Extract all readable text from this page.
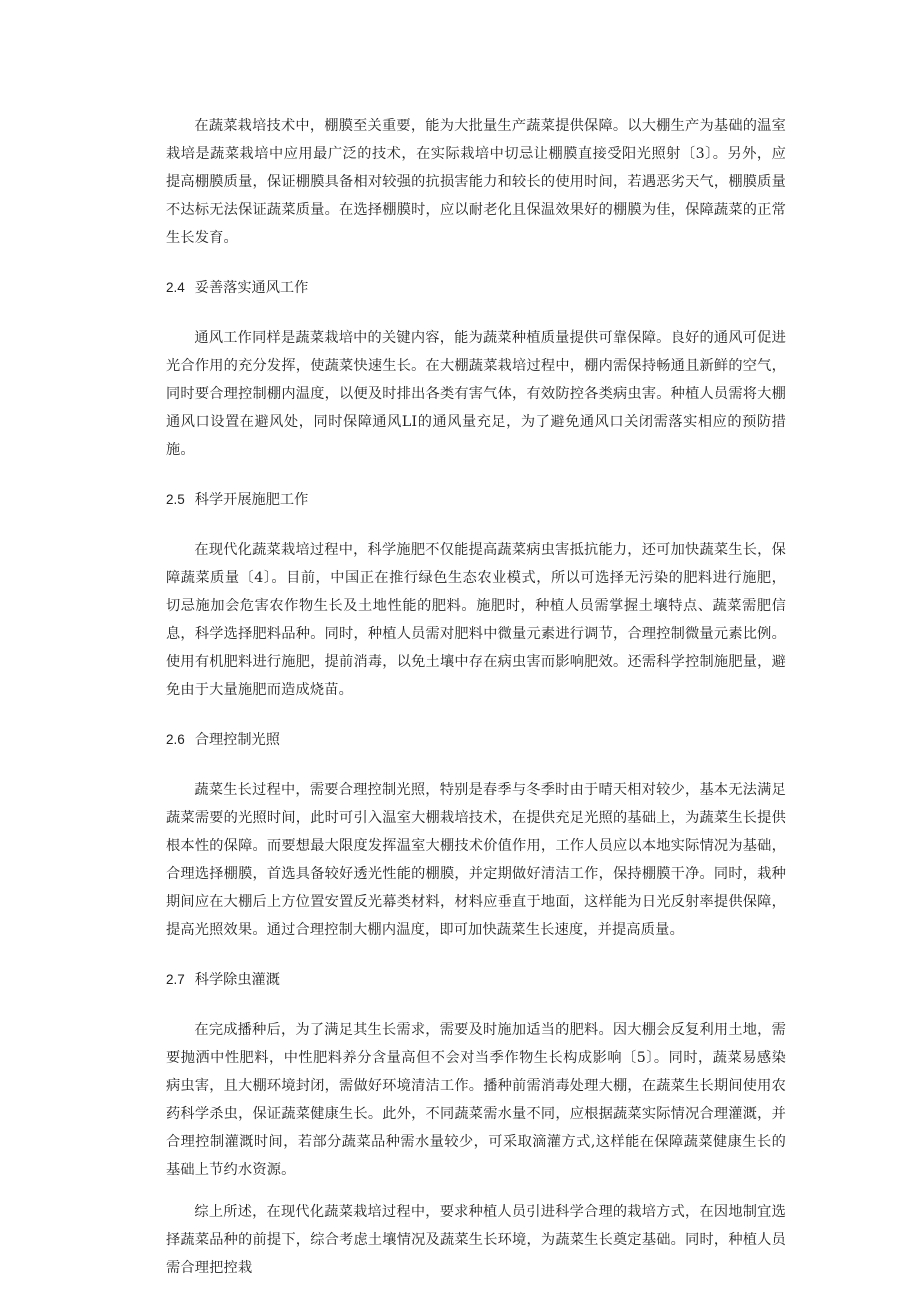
在蔬菜栽培技术中，棚膜至关重要，能为大批量生产蔬菜提供保障。以大棚生产为基础的温室栽培是蔬菜栽培中应用最广泛的技术，在实际栽培中切忌让棚膜直接受阳光照射〔3〕。另外，应提高棚膜质量，保证棚膜具备相对较强的抗损害能力和较长的使用时间，若遇恶劣天气，棚膜质量不达标无法保证蔬菜质量。在选择棚膜时，应以耐老化且保温效果好的棚膜为佳，保障蔬菜的正常生长发育。

2.4 妥善落实通风工作

通风工作同样是蔬菜栽培中的关键内容，能为蔬菜种植质量提供可靠保障。良好的通风可促进光合作用的充分发挥，使蔬菜快速生长。在大棚蔬菜栽培过程中，棚内需保持畅通且新鲜的空气，同时要合理控制棚内温度，以便及时排出各类有害气体，有效防控各类病虫害。种植人员需将大棚通风口设置在避风处，同时保障通风LI的通风量充足，为了避免通风口关闭需落实相应的预防措施。

2.5 科学开展施肥工作

在现代化蔬菜栽培过程中，科学施肥不仅能提高蔬菜病虫害抵抗能力，还可加快蔬菜生长，保障蔬菜质量〔4〕。目前，中国正在推行绿色生态农业模式，所以可选择无污染的肥料进行施肥，切忌施加会危害农作物生长及土地性能的肥料。施肥时，种植人员需掌握土壤特点、蔬菜需肥信息，科学选择肥料品种。同时，种植人员需对肥料中微量元素进行调节，合理控制微量元素比例。使用有机肥料进行施肥，提前消毒，以免土壤中存在病虫害而影响肥效。还需科学控制施肥量，避免由于大量施肥而造成烧苗。

2.6 合理控制光照

蔬菜生长过程中，需要合理控制光照，特别是春季与冬季时由于晴天相对较少，基本无法满足蔬菜需要的光照时间，此时可引入温室大棚栽培技术，在提供充足光照的基础上，为蔬菜生长提供根本性的保障。而要想最大限度发挥温室大棚技术价值作用，工作人员应以本地实际情况为基础，合理选择棚膜，首选具备较好透光性能的棚膜，并定期做好清洁工作，保持棚膜干净。同时，栽种期间应在大棚后上方位置安置反光幕类材料，材料应垂直于地面，这样能为日光反射率提供保障，提高光照效果。通过合理控制大棚内温度，即可加快蔬菜生长速度，并提高质量。

2.7 科学除虫灌溉

在完成播种后，为了满足其生长需求，需要及时施加适当的肥料。因大棚会反复利用土地，需要抛洒中性肥料，中性肥料养分含量高但不会对当季作物生长构成影响〔5〕。同时，蔬菜易感染病虫害，且大棚环境封闭，需做好环境清洁工作。播种前需消毒处理大棚，在蔬菜生长期间使用农药科学杀虫，保证蔬菜健康生长。此外，不同蔬菜需水量不同，应根据蔬菜实际情况合理灌溉，并合理控制灌溉时间，若部分蔬菜品种需水量较少，可采取滴灌方式,这样能在保障蔬菜健康生长的基础上节约水资源。

综上所述，在现代化蔬菜栽培过程中，要求种植人员引进科学合理的栽培方式，在因地制宜选择蔬菜品种的前提下，综合考虑土壤情况及蔬菜生长环境，为蔬菜生长奠定基础。同时，种植人员需合理把控栽
